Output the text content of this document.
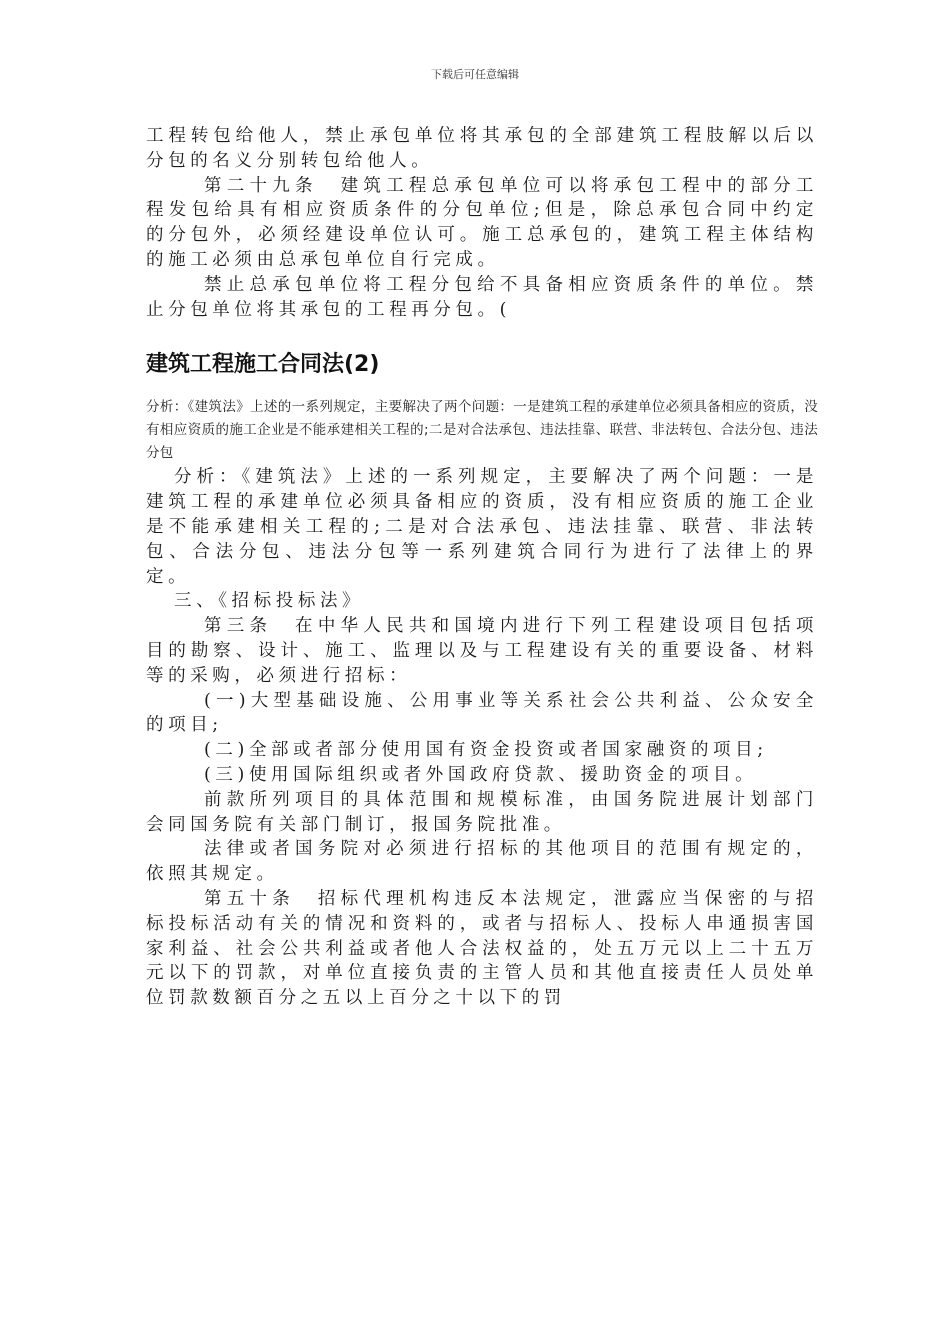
下载后可任意编辑

工程转包给他人，禁止承包单位将其承包的全部建筑工程肢解以后以分包的名义分别转包给他人。

第二十九条　建筑工程总承包单位可以将承包工程中的部分工程发包给具有相应资质条件的分包单位;但是，除总承包合同中约定的分包外，必须经建设单位认可。施工总承包的，建筑工程主体结构的施工必须由总承包单位自行完成。

禁止总承包单位将工程分包给不具备相应资质条件的单位。禁止分包单位将其承包的工程再分包。(

建筑工程施工合同法(2)

分析：《建筑法》上述的一系列规定，主要解决了两个问题：一是建筑工程的承建单位必须具备相应的资质，没有相应资质的施工企业是不能承建相关工程的;二是对合法承包、违法挂靠、联营、非法转包、合法分包、违法分包

分析：《建筑法》上述的一系列规定，主要解决了两个问题：一是建筑工程的承建单位必须具备相应的资质，没有相应资质的施工企业是不能承建相关工程的;二是对合法承包、违法挂靠、联营、非法转包、合法分包、违法分包等一系列建筑合同行为进行了法律上的界定。

三、《招标投标法》

第三条　在中华人民共和国境内进行下列工程建设项目包括项目的勘察、设计、施工、监理以及与工程建设有关的重要设备、材料等的采购，必须进行招标：

(一)大型基础设施、公用事业等关系社会公共利益、公众安全的项目;

(二)全部或者部分使用国有资金投资或者国家融资的项目;

(三)使用国际组织或者外国政府贷款、援助资金的项目。

前款所列项目的具体范围和规模标准，由国务院进展计划部门会同国务院有关部门制订，报国务院批准。

法律或者国务院对必须进行招标的其他项目的范围有规定的，依照其规定。

第五十条　招标代理机构违反本法规定，泄露应当保密的与招标投标活动有关的情况和资料的，或者与招标人、投标人串通损害国家利益、社会公共利益或者他人合法权益的，处五万元以上二十五万元以下的罚款，对单位直接负责的主管人员和其他直接责任人员处单位罚款数额百分之五以上百分之十以下的罚
